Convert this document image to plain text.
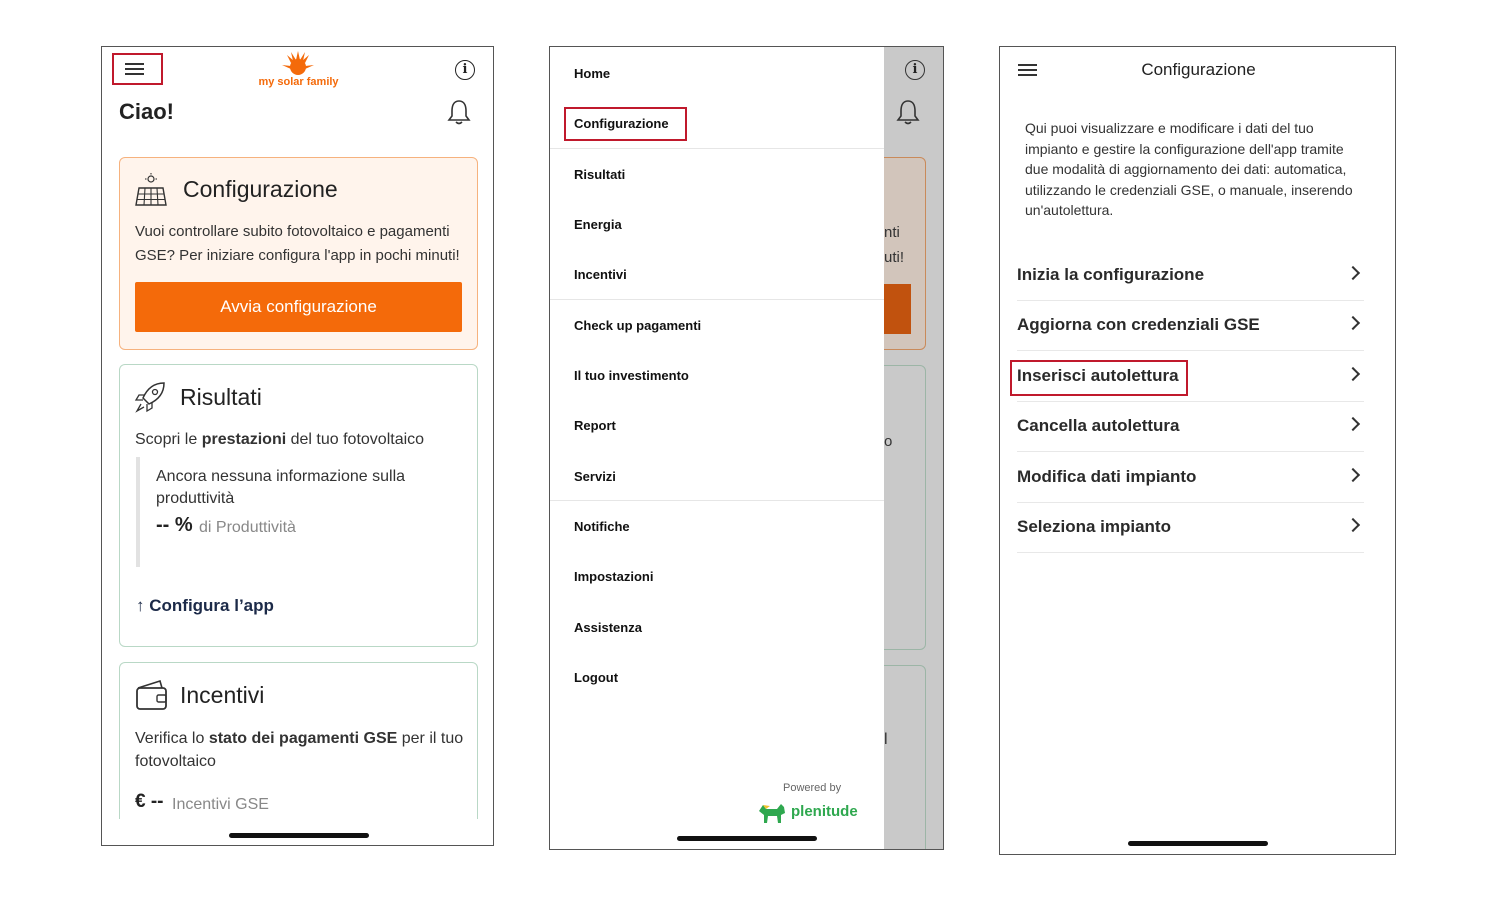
my solar family
i
Ciao!
Configurazione
Vuoi controllare subito fotovoltaico e pagamenti GSE? Per iniziare configura l'app in pochi minuti!
Avvia configurazione
Risultati
Scopri le prestazioni del tuo fotovoltaico
Ancora nessuna informazione sulla produttività
-- % di Produttività
↑ Configura l’app
Incentivi
Verifica lo stato dei pagamenti GSE per il tuo fotovoltaico
€ -- Incentivi GSE
i
nti
uti!
o
l
Home
Configurazione
Risultati
Energia
Incentivi
Check up pagamenti
Il tuo investimento
Report
Servizi
Notifiche
Impostazioni
Assistenza
Logout
Powered by
plenitude
Configurazione
Qui puoi visualizzare e modificare i dati del tuo impianto e gestire la configurazione dell'app tramite due modalità di aggiornamento dei dati: automatica, utilizzando le credenziali GSE, o manuale, inserendo un'autolettura.
Inizia la configurazione
Aggiorna con credenziali GSE
Inserisci autolettura
Cancella autolettura
Modifica dati impianto
Seleziona impianto
